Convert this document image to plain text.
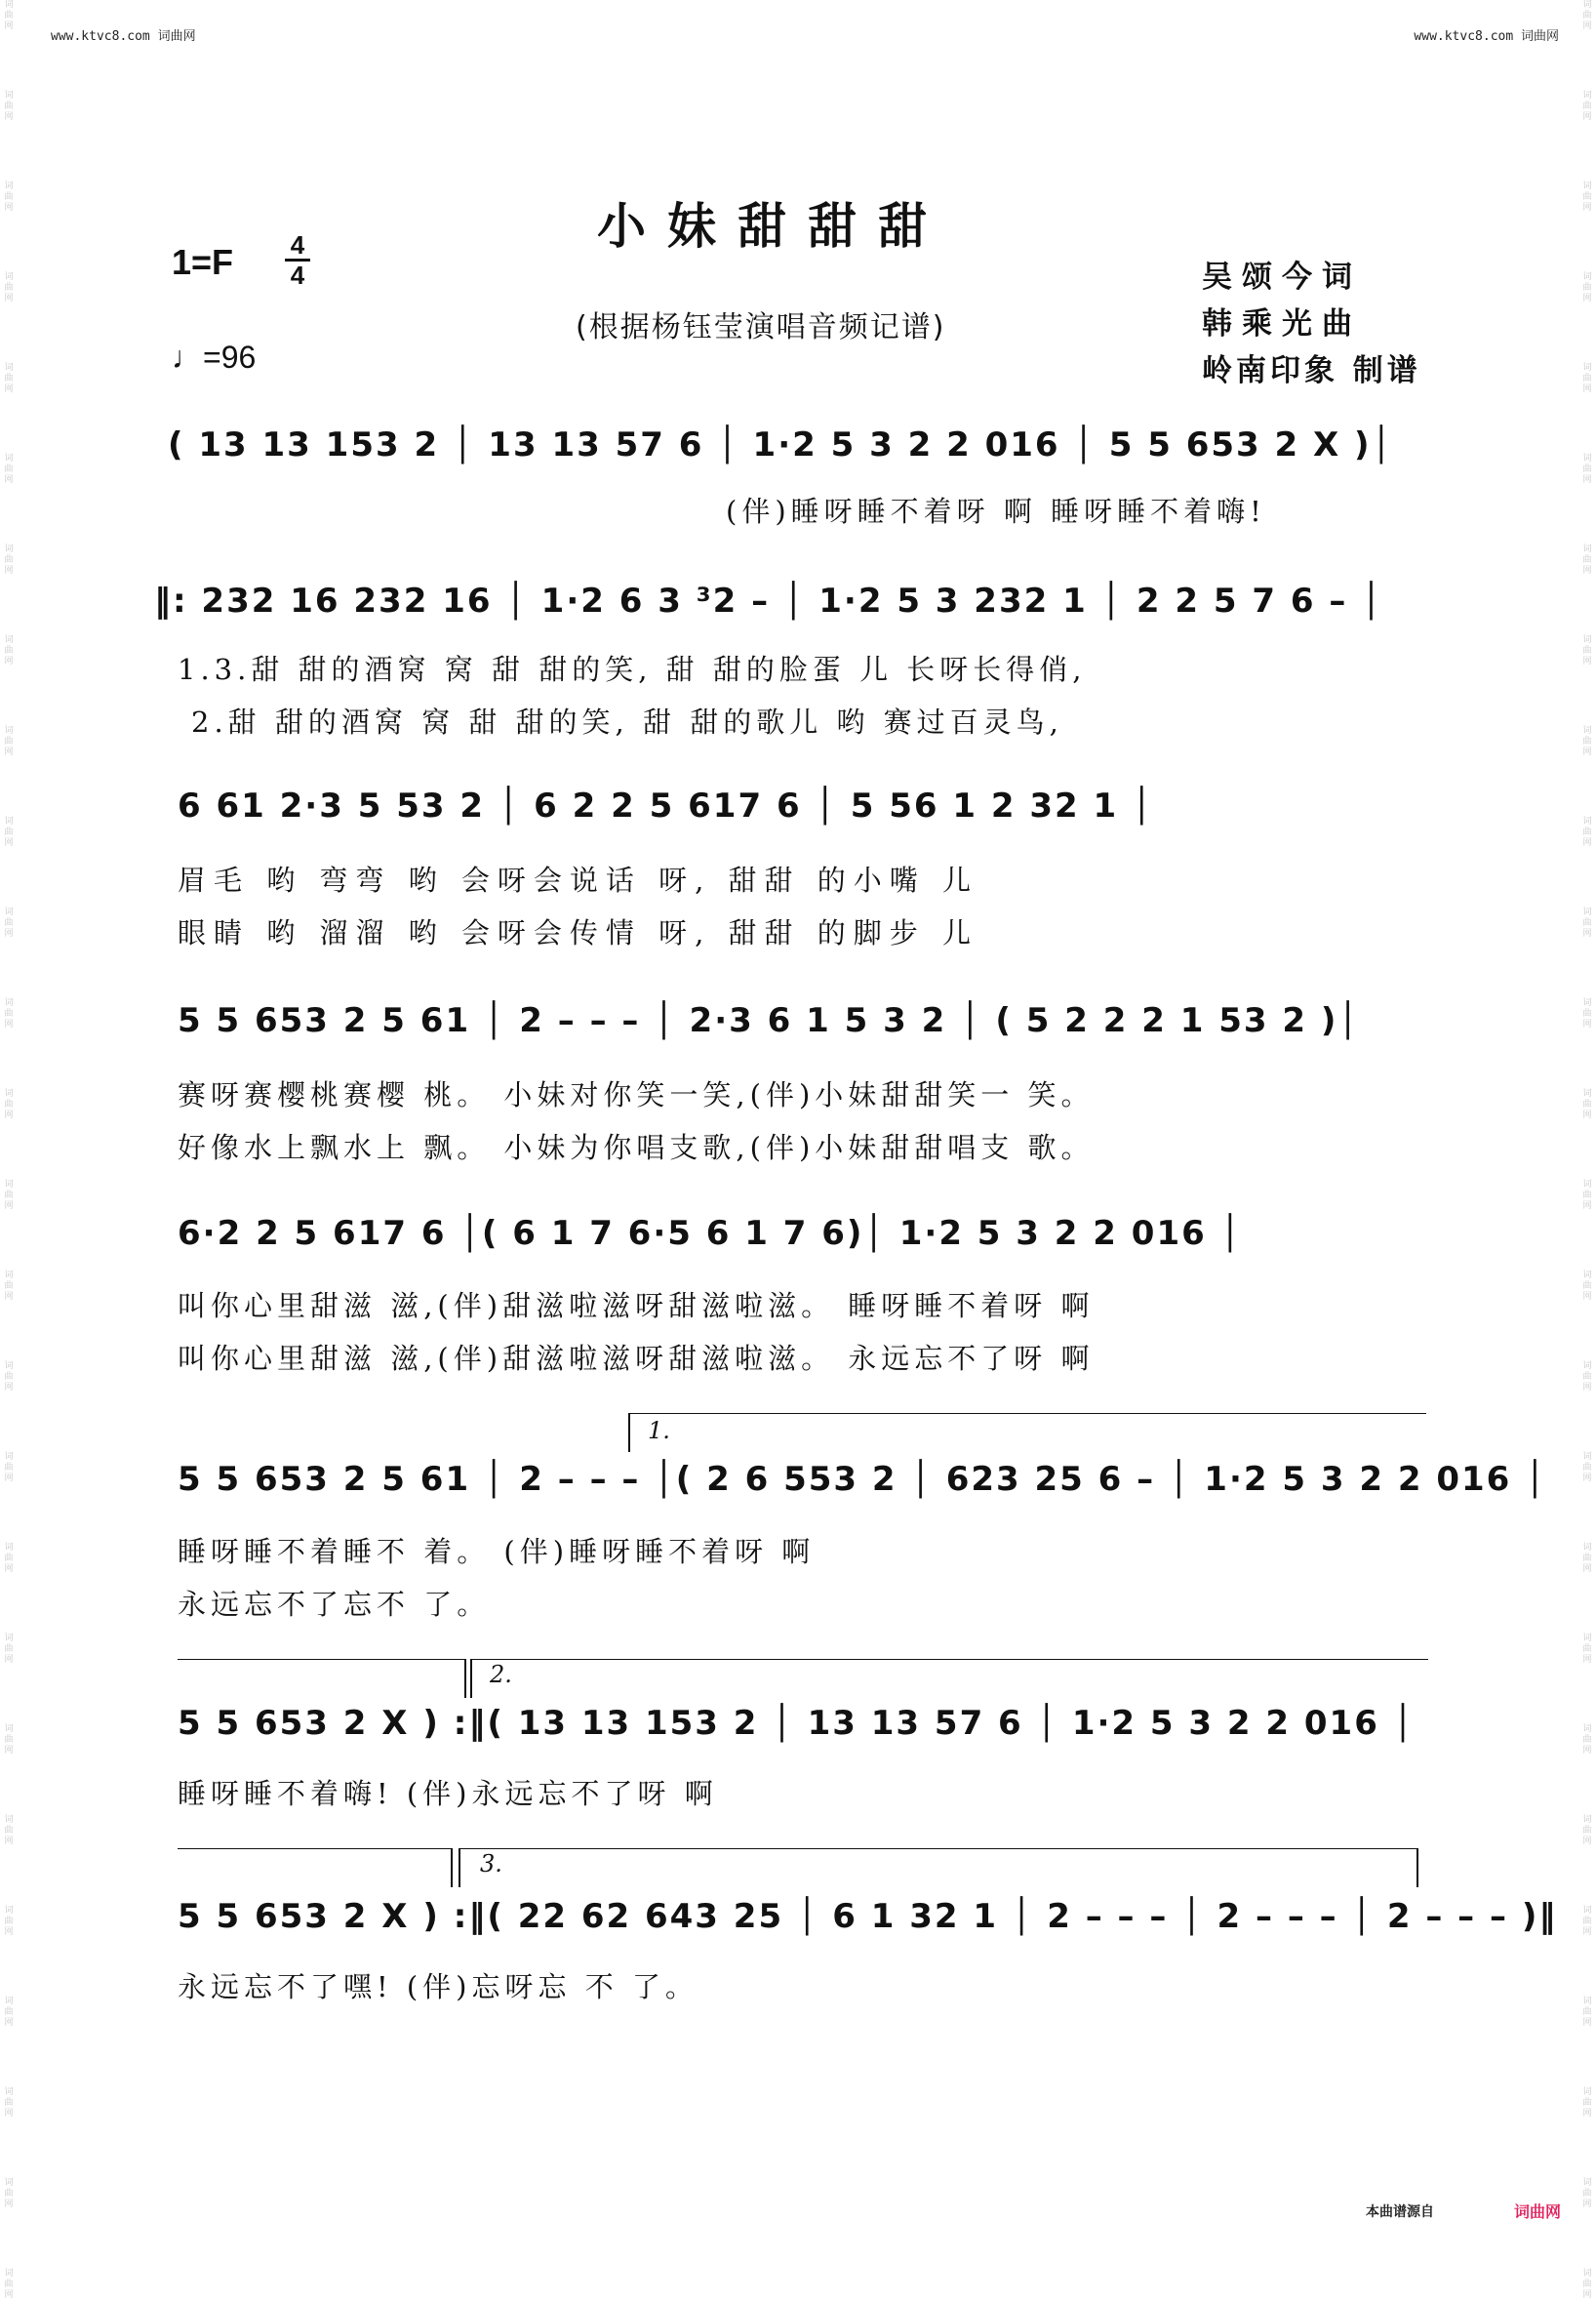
词
曲
网
词
曲
网
词
曲
网
词
曲
网
词
曲
网
词
曲
网
词
曲
网
词
曲
网
词
曲
网
词
曲
网
词
曲
网
词
曲
网
词
曲
网
词
曲
网
词
曲
网
词
曲
网
词
曲
网
词
曲
网
词
曲
网
词
曲
网
词
曲
网
词
曲
网
词
曲
网
词
曲
网
词
曲
网
词
曲
网
词
曲
网
词
曲
网
词
曲
网
词
曲
网
词
曲
网
词
曲
网
词
曲
网
词
曲
网
词
曲
网
词
曲
网
词
曲
网
词
曲
网
词
曲
网
词
曲
网
词
曲
网
词
曲
网
词
曲
网
词
曲
网
词
曲
网
词
曲
网
词
曲
网
词
曲
网
词
曲
网
词
曲
网
词
曲
网
词
曲
网
www.ktvc8.com 词曲网	www.ktvc8.com 词曲网
小妹甜甜甜
1=F 4
4
♩=96
(根据杨钰莹演唱音频记谱)
吴颂今词
韩乘光曲
岭南印象 制谱
( 13 13 153 2 │ 13 13 57 6 │ 1·2 5 3 2 2 016 │ 5 5 653 2 X )│
(伴)睡呀睡不着呀 啊 睡呀睡不着嗨!
‖: 232 16 232 16 │ 1·2 6 3 ³2 – │ 1·2 5 3 232 1 │ 2 2 5 7 6 – │
1.3.甜 甜的酒窝 窝 甜 甜的笑, 甜 甜的脸蛋 儿 长呀长得俏,
2.甜 甜的酒窝 窝 甜 甜的笑, 甜 甜的歌儿 哟 赛过百灵鸟,
6 61 2·3 5 53 2 │ 6 2 2 5 617 6 │ 5 56 1 2 32 1 │
眉毛 哟 弯弯 哟 会呀会说话 呀, 甜甜 的小嘴 儿
眼睛 哟 溜溜 哟 会呀会传情 呀, 甜甜 的脚步 儿
5 5 653 2 5 61 │ 2 – – – │ 2·3 6 1 5 3 2 │ ( 5 2 2 2 1 53 2 )│
赛呀赛樱桃赛樱 桃。 小妹对你笑一笑,(伴)小妹甜甜笑一 笑。
好像水上飘水上 飘。 小妹为你唱支歌,(伴)小妹甜甜唱支 歌。
6·2 2 5 617 6 │( 6 1 7 6·5 6 1 7 6)│ 1·2 5 3 2 2 016 │
叫你心里甜滋 滋,(伴)甜滋啦滋呀甜滋啦滋。 睡呀睡不着呀 啊
叫你心里甜滋 滋,(伴)甜滋啦滋呀甜滋啦滋。 永远忘不了呀 啊
1.
5 5 653 2 5 61 │ 2 – – – │( 2 6 553 2 │ 623 25 6 – │ 1·2 5 3 2 2 016 │
睡呀睡不着睡不 着。 (伴)睡呀睡不着呀 啊
永远忘不了忘不 了。
2.
5 5 653 2 X ) :‖( 13 13 153 2 │ 13 13 57 6 │ 1·2 5 3 2 2 016 │
睡呀睡不着嗨! (伴)永远忘不了呀 啊
3.
5 5 653 2 X ) :‖( 22 62 643 25 │ 6 1 32 1 │ 2 – – – │ 2 – – – │ 2 – – – )‖
永远忘不了嘿! (伴)忘呀忘 不 了。
本曲谱源自	词曲网
